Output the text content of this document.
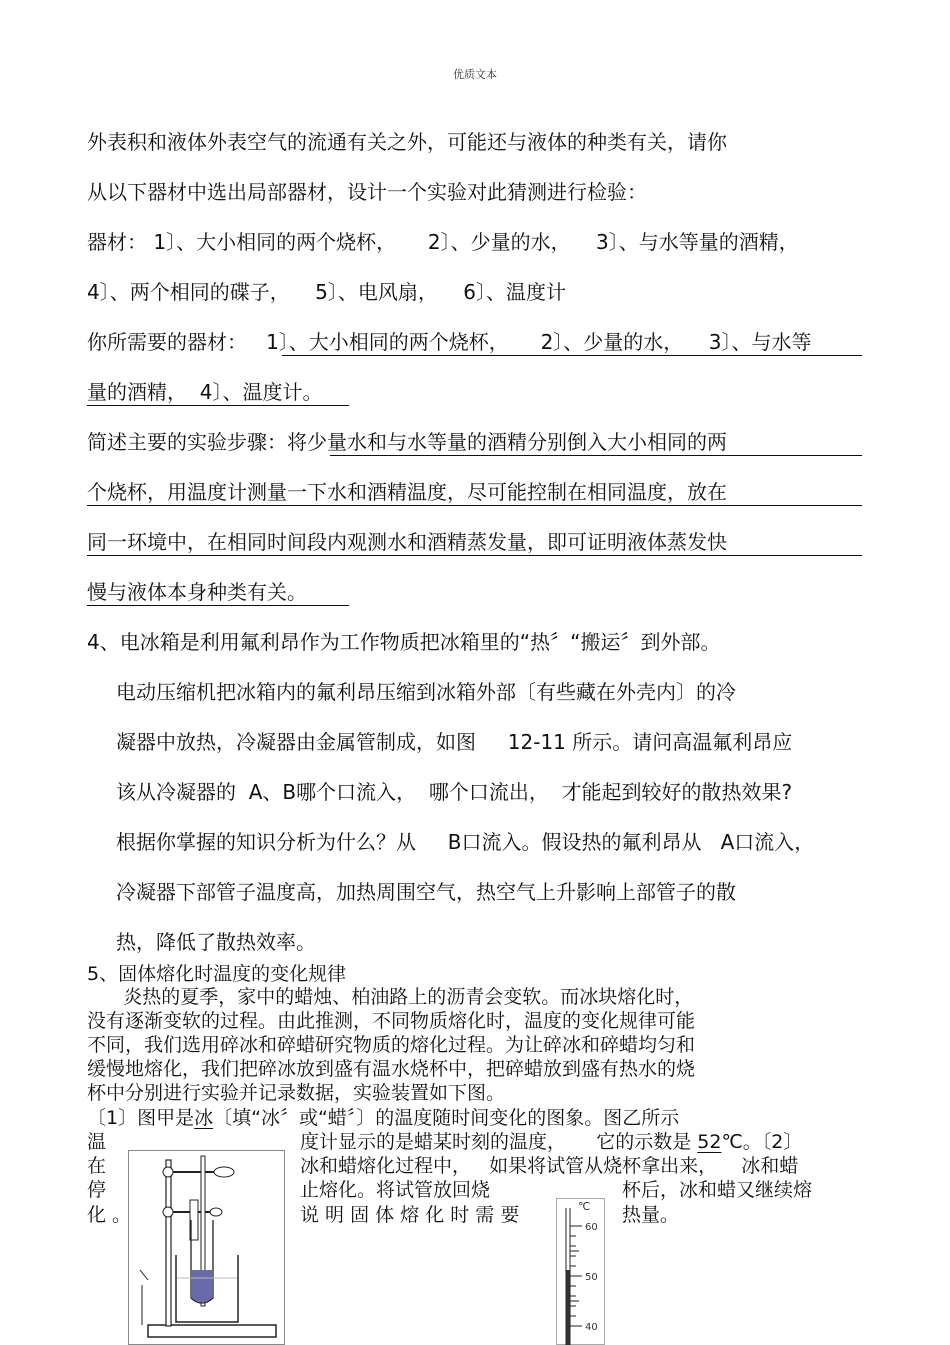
优质文本
外表积和液体外表空气的流通有关之外，可能还与液体的种类有关，请你
从以下器材中选出局部器材，设计一个实验对此猜测进行检验：
器材： 1〕、大小相同的两个烧杯，     2〕、少量的水，    3〕、与水等量的酒精，
4〕、两个相同的碟子，    5〕、电风扇，    6〕、温度计
你所需要的器材：   1〕、大小相同的两个烧杯，     2〕、少量的水，    3〕、与水等
量的酒精，  4〕、温度计。
简述主要的实验步骤：将少量水和与水等量的酒精分别倒入大小相同的两
个烧杯，用温度计测量一下水和酒精温度，尽可能控制在相同温度，放在
同一环境中，在相同时间段内观测水和酒精蒸发量，即可证明液体蒸发快
慢与液体本身种类有关。
4、电冰箱是利用氟利昂作为工作物质把冰箱里的“热〞“搬运〞到外部。
电动压缩机把冰箱内的氟利昂压缩到冰箱外部〔有些藏在外壳内〕的冷
凝器中放热，冷凝器由金属管制成，如图     12-11 所示。请问高温氟利昂应
该从冷凝器的  A、B哪个口流入，  哪个口流出，  才能起到较好的散热效果?
根据你掌握的知识分析为什么？从     B口流入。假设热的氟利昂从   A口流入，
冷凝器下部管子温度高，加热周围空气，热空气上升影响上部管子的散
热，降低了散热效率。
5、固体熔化时温度的变化规律
炎热的夏季，家中的蜡烛、柏油路上的沥青会变软。而冰块熔化时，
没有逐渐变软的过程。由此推测，不同物质熔化时，温度的变化规律可能
不同，我们选用碎冰和碎蜡研究物质的熔化过程。为让碎冰和碎蜡均匀和
缓慢地熔化，我们把碎冰放到盛有温水烧杯中，把碎蜡放到盛有热水的烧
杯中分别进行实验并记录数据，实验装置如下图。
〔1〕图甲是冰〔填“冰〞或“蜡〞〕的温度随时间变化的图象。图乙所示
温
在
停
化 。
度计显示的是蜡某时刻的温度，     它的示数是 52℃。〔2〕
冰和蜡熔化过程中，   如果将试管从烧杯拿出来，    冰和蜡
止熔化。将试管放回烧
说 明 固 体 熔 化 时 需 要
杯后，冰和蜡又继续熔
热量。
℃
60
50
40
